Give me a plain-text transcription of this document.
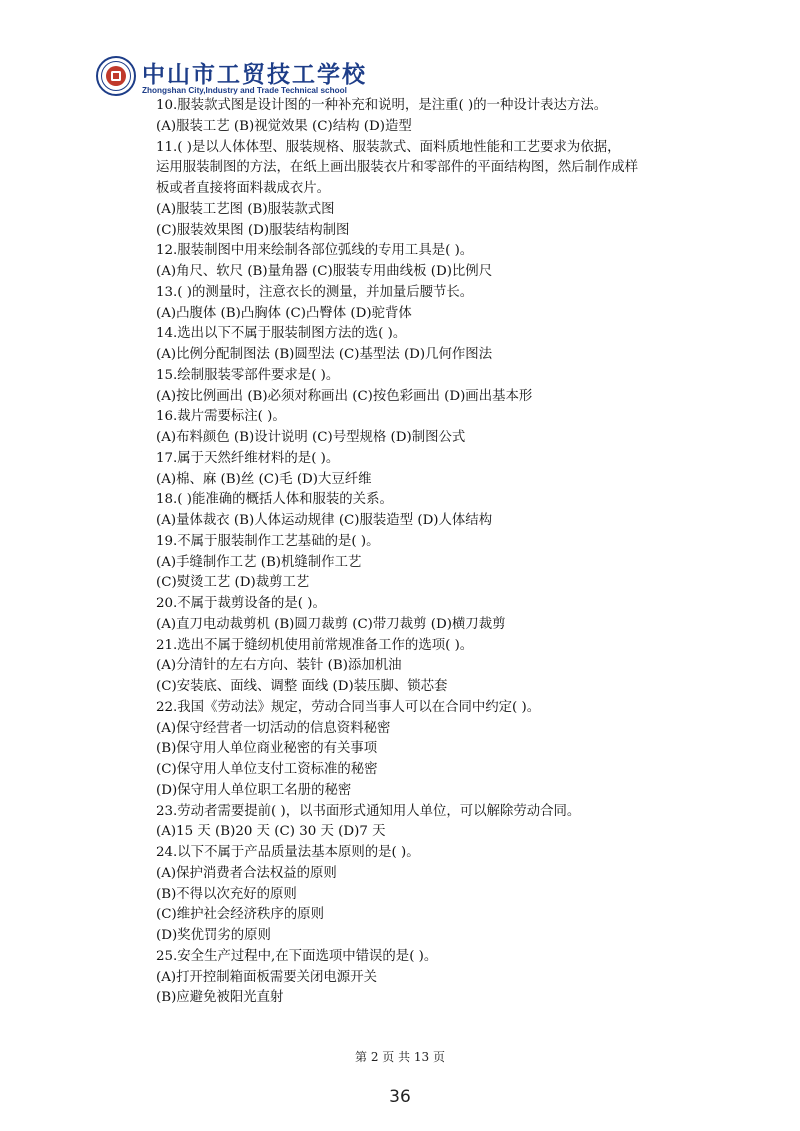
中山市工贸技工学校
Zhongshan City,Industry and Trade Technical school

10.服装款式图是设计图的一种补充和说明，是注重( )的一种设计表达方法。

(A)服装工艺 (B)视觉效果 (C)结构 (D)造型

11.( )是以人体体型、服装规格、服装款式、面料质地性能和工艺要求为依据，

运用服装制图的方法，在纸上画出服装衣片和零部件的平面结构图，然后制作成样

板或者直接将面料裁成衣片。

(A)服装工艺图 (B)服装款式图

(C)服装效果图 (D)服装结构制图

12.服装制图中用来绘制各部位弧线的专用工具是( )。

(A)角尺、软尺 (B)量角器 (C)服装专用曲线板 (D)比例尺

13.( )的测量时，注意衣长的测量，并加量后腰节长。

(A)凸腹体 (B)凸胸体 (C)凸臀体 (D)驼背体

14.选出以下不属于服装制图方法的选( )。

(A)比例分配制图法 (B)圆型法 (C)基型法 (D)几何作图法

15.绘制服装零部件要求是( )。

(A)按比例画出 (B)必须对称画出 (C)按色彩画出 (D)画出基本形

16.裁片需要标注( )。

(A)布料颜色 (B)设计说明 (C)号型规格 (D)制图公式

17.属于天然纤维材料的是( )。

(A)棉、麻 (B)丝 (C)毛 (D)大豆纤维

18.( )能准确的概括人体和服装的关系。

(A)量体裁衣 (B)人体运动规律 (C)服装造型 (D)人体结构

19.不属于服装制作工艺基础的是( )。

(A)手缝制作工艺 (B)机缝制作工艺

(C)熨烫工艺 (D)裁剪工艺

20.不属于裁剪设备的是( )。

(A)直刀电动裁剪机 (B)圆刀裁剪 (C)带刀裁剪 (D)横刀裁剪

21.选出不属于缝纫机使用前常规准备工作的选项( )。

(A)分清针的左右方向、装针 (B)添加机油

(C)安装底、面线、调整 面线 (D)装压脚、锁芯套

22.我国《劳动法》规定，劳动合同当事人可以在合同中约定( )。

(A)保守经营者一切活动的信息资料秘密

(B)保守用人单位商业秘密的有关事项

(C)保守用人单位支付工资标准的秘密

(D)保守用人单位职工名册的秘密

23.劳动者需要提前( )，以书面形式通知用人单位，可以解除劳动合同。

(A)15 天 (B)20 天 (C) 30 天 (D)7 天

24.以下不属于产品质量法基本原则的是( )。

(A)保护消费者合法权益的原则

(B)不得以次充好的原则

(C)维护社会经济秩序的原则

(D)奖优罚劣的原则

25.安全生产过程中,在下面选项中错误的是( )。

(A)打开控制箱面板需要关闭电源开关

(B)应避免被阳光直射

第 2 页 共 13 页
36
